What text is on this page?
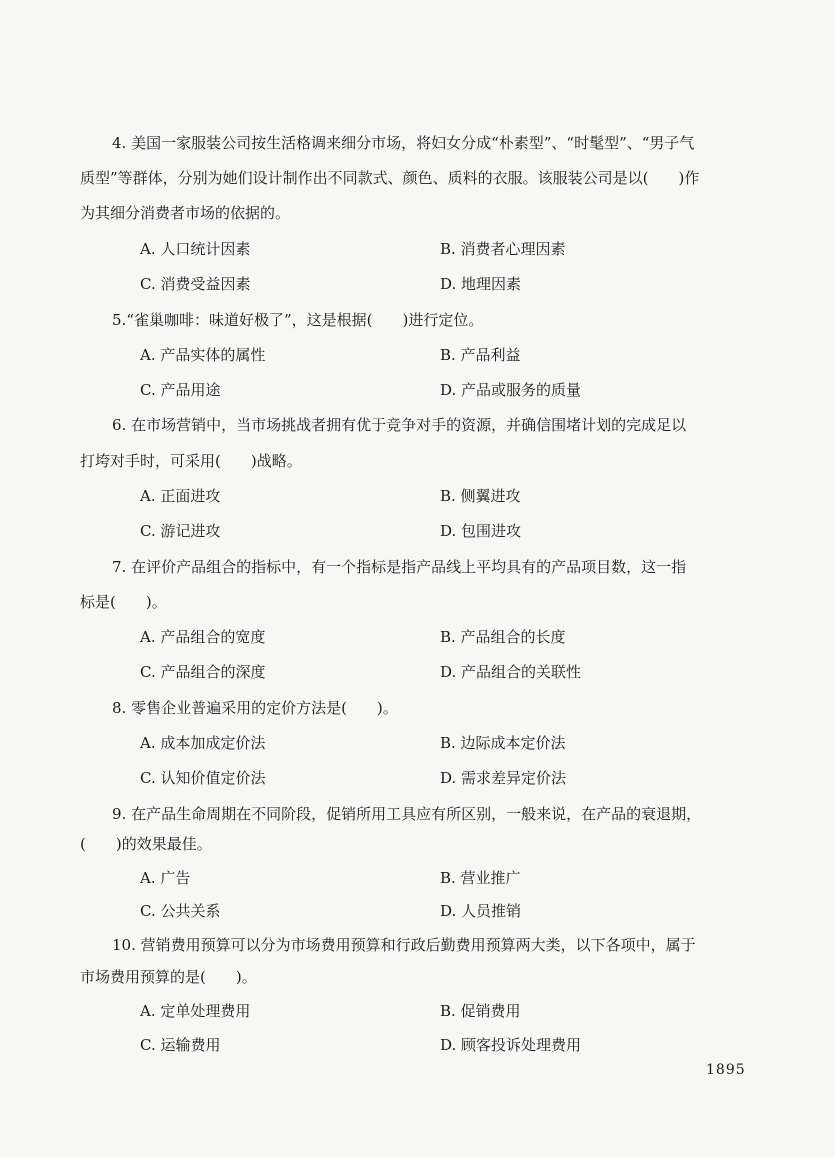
4. 美国一家服装公司按生活格调来细分市场，将妇女分成“朴素型”、“时髦型”、“男子气
质型”等群体，分别为她们设计制作出不同款式、颜色、质料的衣服。该服装公司是以(　　)作
为其细分消费者市场的依据的。
A. 人口统计因素	B. 消费者心理因素
C. 消费受益因素	D. 地理因素
5.“雀巢咖啡：味道好极了”，这是根据(　　)进行定位。
A. 产品实体的属性	B. 产品利益
C. 产品用途	D. 产品或服务的质量
6. 在市场营销中，当市场挑战者拥有优于竞争对手的资源，并确信围堵计划的完成足以
打垮对手时，可采用(　　)战略。
A. 正面进攻	B. 侧翼进攻
C. 游记进攻	D. 包围进攻
7. 在评价产品组合的指标中，有一个指标是指产品线上平均具有的产品项目数，这一指
标是(　　)。
A. 产品组合的宽度	B. 产品组合的长度
C. 产品组合的深度	D. 产品组合的关联性
8. 零售企业普遍采用的定价方法是(　　)。
A. 成本加成定价法	B. 边际成本定价法
C. 认知价值定价法	D. 需求差异定价法
9. 在产品生命周期在不同阶段，促销所用工具应有所区别，一般来说，在产品的衰退期，
(　　)的效果最佳。
A. 广告	B. 营业推广
C. 公共关系	D. 人员推销
10. 营销费用预算可以分为市场费用预算和行政后勤费用预算两大类，以下各项中，属于
市场费用预算的是(　　)。
A. 定单处理费用	B. 促销费用
C. 运输费用	D. 顾客投诉处理费用
1895
